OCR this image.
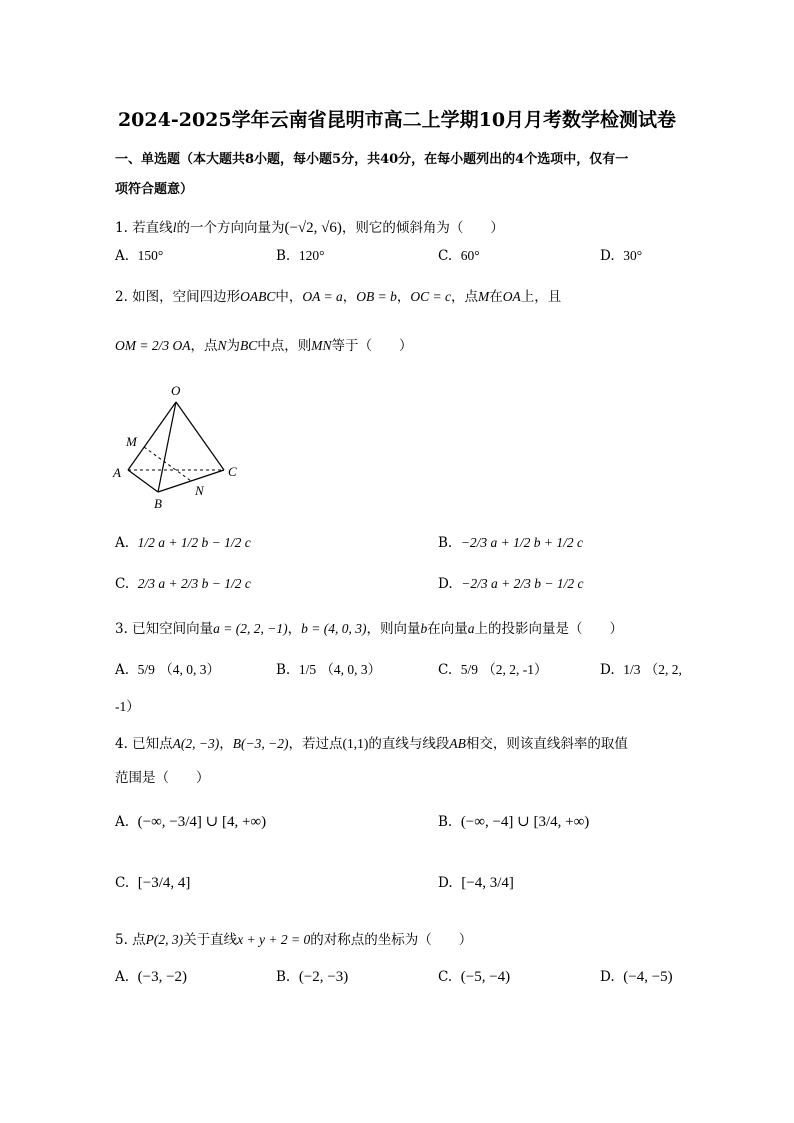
2024-2025学年云南省昆明市高二上学期10月月考数学检测试卷
一、单选题（本大题共8小题，每小题5分，共40分，在每小题列出的4个选项中，仅有一
项符合题意）
1. 若直线l的一个方向向量为(−√2, √6)，则它的倾斜角为（　　）
A. 150°	B. 120°	C. 60°	D. 30°
2. 如图，空间四边形OABC中，OA = a，OB = b，OC = c，点M在OA上，且
OM = 2/3 OA，点N为BC中点，则MN等于（　　）
O
M
A
B
C
N
A. 1/2 a + 1/2 b − 1/2 c	B. −2/3 a + 1/2 b + 1/2 c
C. 2/3 a + 2/3 b − 1/2 c	D. −2/3 a + 2/3 b − 1/2 c
3. 已知空间向量a = (2, 2, −1)，b = (4, 0, 3)，则向量b在向量a上的投影向量是（　　）
A. 5/9 （4, 0, 3）	B. 1/5 （4, 0, 3）	C. 5/9 （2, 2, -1）	D. 1/3 （2, 2,
-1）
4. 已知点A(2, −3)，B(−3, −2)，若过点(1,1)的直线与线段AB相交，则该直线斜率的取值
范围是（　　）
A. (−∞, −3/4] ∪ [4, +∞)	B. (−∞, −4] ∪ [3/4, +∞)
C. [−3/4, 4]	D. [−4, 3/4]
5. 点P(2, 3)关于直线x + y + 2 = 0的对称点的坐标为（　　）
A. (−3, −2)	B. (−2, −3)	C. (−5, −4)	D. (−4, −5)
